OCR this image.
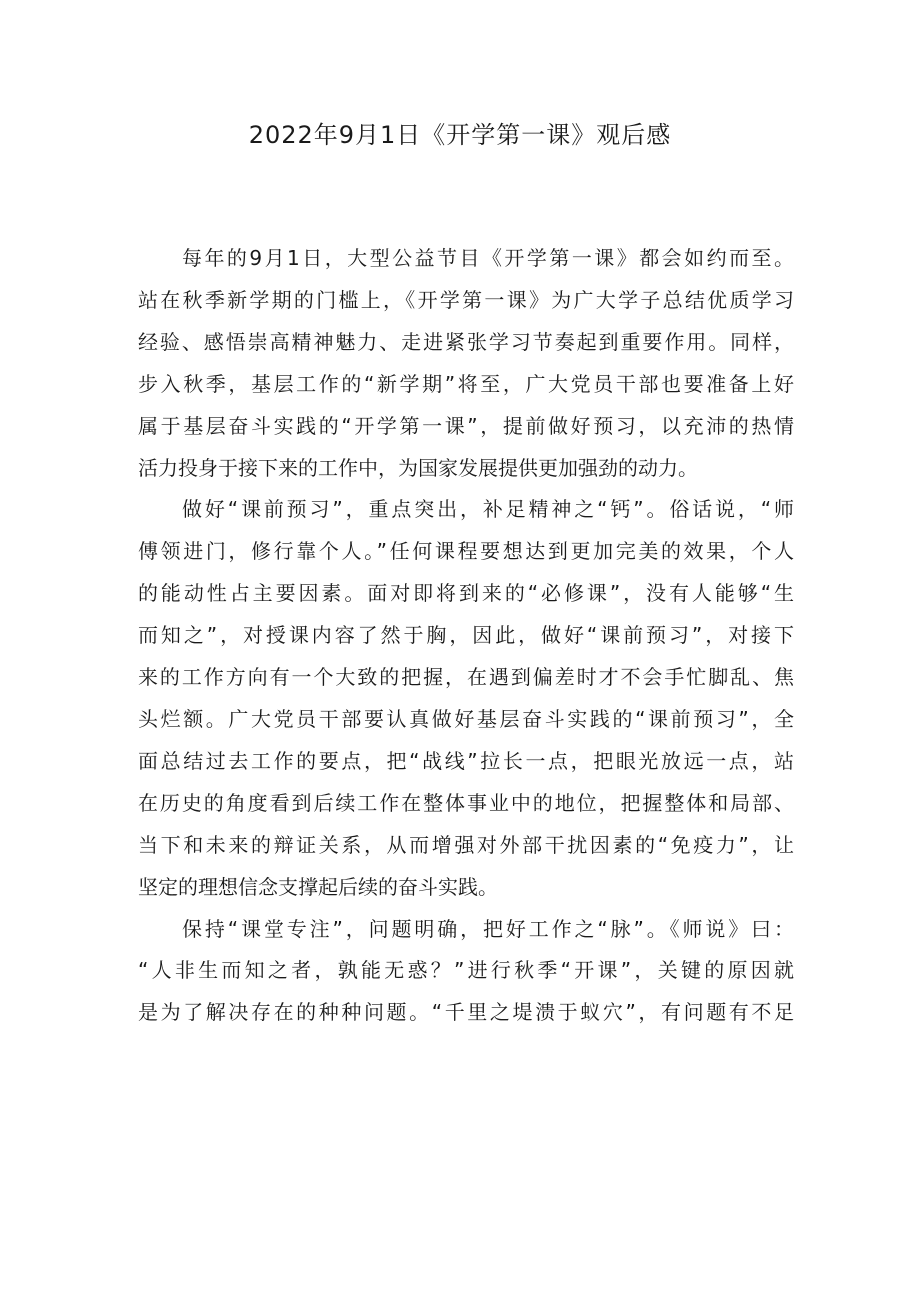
2022年9月1日《开学第一课》观后感

每年的9月1日，大型公益节目《开学第一课》都会如约而至。
站在秋季新学期的门槛上，《开学第一课》为广大学子总结优质学习
经验、感悟崇高精神魅力、走进紧张学习节奏起到重要作用。同样，
步入秋季，基层工作的“新学期”将至，广大党员干部也要准备上好
属于基层奋斗实践的“开学第一课”，提前做好预习，以充沛的热情
活力投身于接下来的工作中，为国家发展提供更加强劲的动力。

做好“课前预习”，重点突出，补足精神之“钙”。俗话说，“师
傅领进门，修行靠个人。”任何课程要想达到更加完美的效果，个人
的能动性占主要因素。面对即将到来的“必修课”，没有人能够“生
而知之”，对授课内容了然于胸，因此，做好“课前预习”，对接下
来的工作方向有一个大致的把握，在遇到偏差时才不会手忙脚乱、焦
头烂额。广大党员干部要认真做好基层奋斗实践的“课前预习”，全
面总结过去工作的要点，把“战线”拉长一点，把眼光放远一点，站
在历史的角度看到后续工作在整体事业中的地位，把握整体和局部、
当下和未来的辩证关系，从而增强对外部干扰因素的“免疫力”，让
坚定的理想信念支撑起后续的奋斗实践。

保持“课堂专注”，问题明确，把好工作之“脉”。《师说》曰：
“人非生而知之者，孰能无惑？”进行秋季“开课”，关键的原因就
是为了解决存在的种种问题。“千里之堤溃于蚁穴”，有问题有不足
